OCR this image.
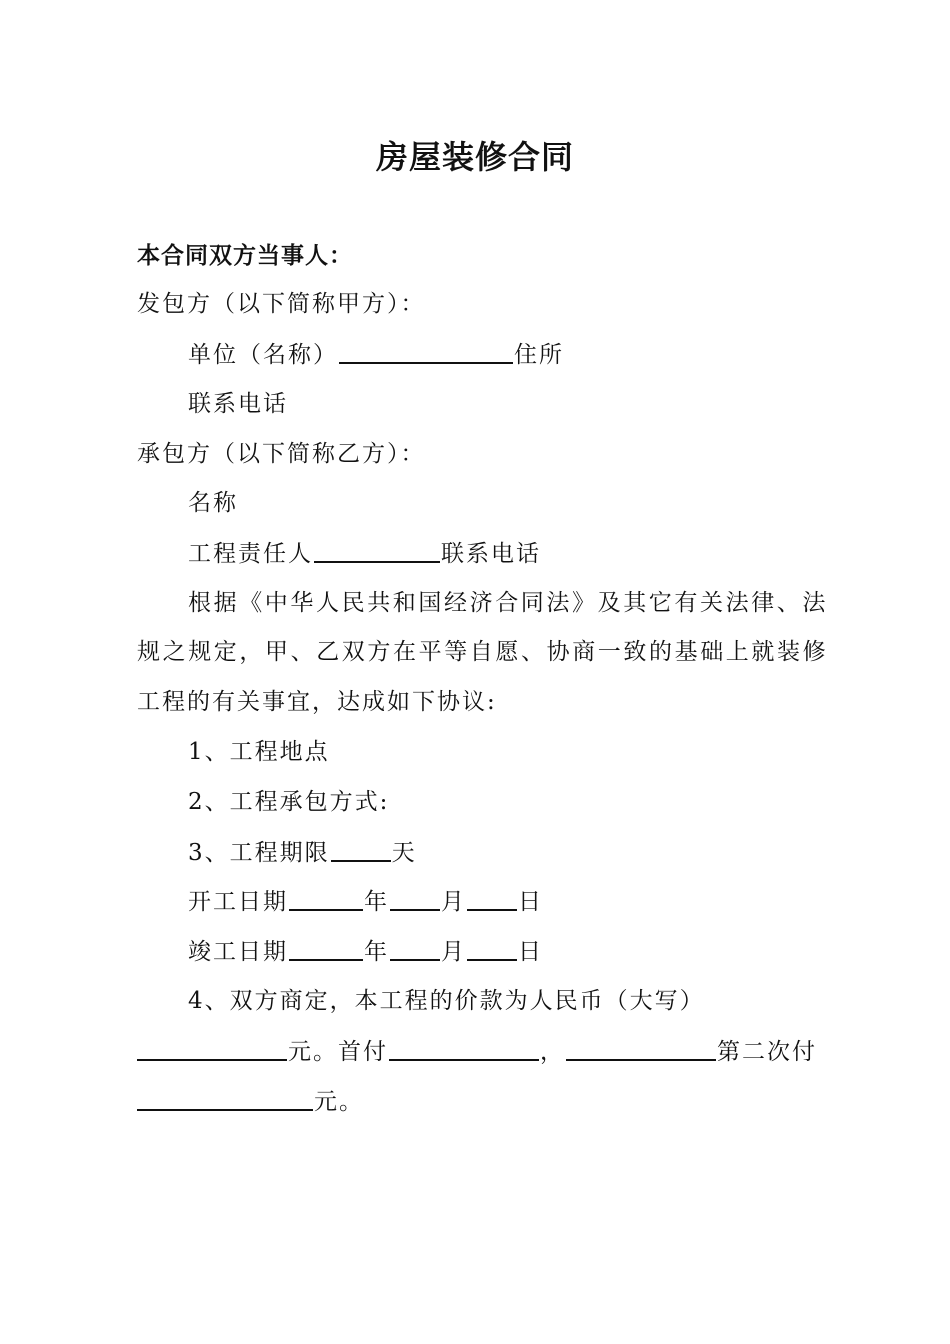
房屋装修合同
本合同双方当事人：
发包方（以下简称甲方）：
单位（名称）	住所
联系电话
承包方（以下简称乙方）：
名称
工程责任人	联系电话
根据《中华人民共和国经济合同法》及其它有关法律、法
规之规定，甲、乙双方在平等自愿、协商一致的基础上就装修
工程的有关事宜，达成如下协议:
1、工程地点
2、工程承包方式:
3、工程期限	天
开工日期	年 月 日
竣工日期	年 月 日
4、双方商定，本工程的价款为人民币（大写）
元。首付	，	第二次付
元。
